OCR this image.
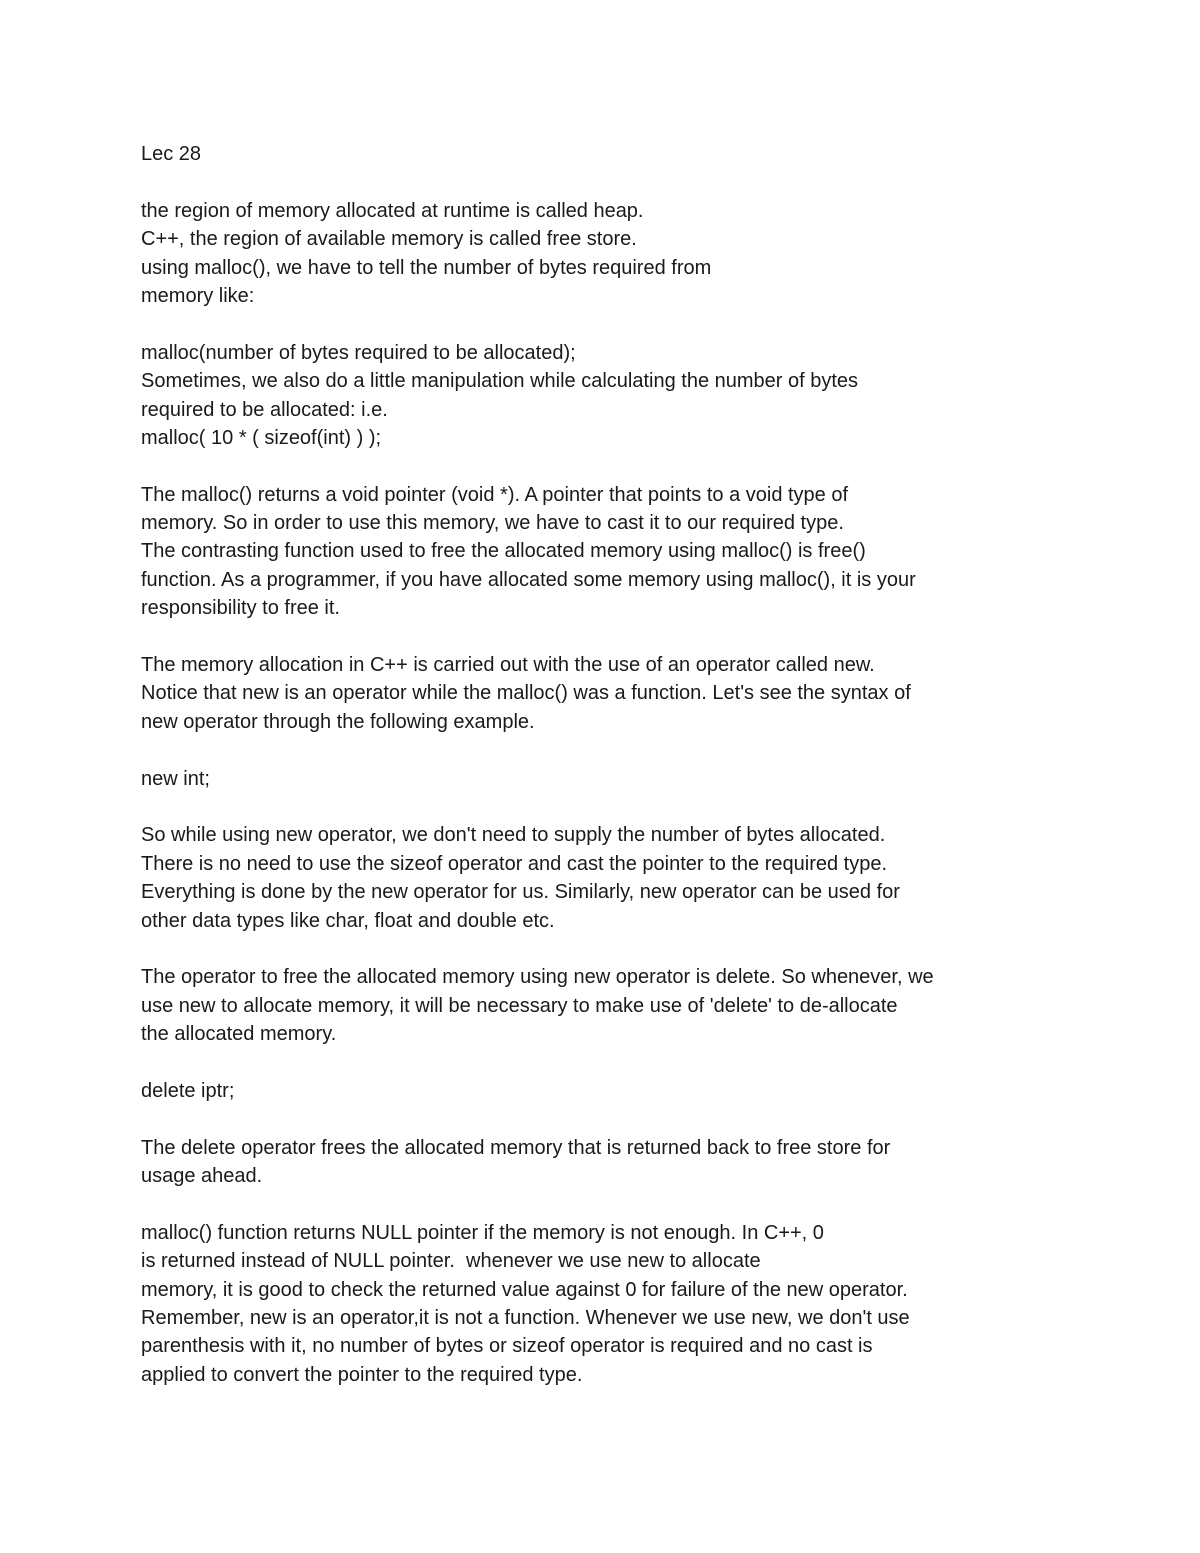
Lec 28
the region of memory allocated at runtime is called heap.
C++, the region of available memory is called free store.
using malloc(), we have to tell the number of bytes required from
memory like:
malloc(number of bytes required to be allocated);
Sometimes, we also do a little manipulation while calculating the number of bytes
required to be allocated: i.e.
malloc( 10 * ( sizeof(int) ) );
The malloc() returns a void pointer (void *). A pointer that points to a void type of
memory. So in order to use this memory, we have to cast it to our required type.
The contrasting function used to free the allocated memory using malloc() is free()
function. As a programmer, if you have allocated some memory using malloc(), it is your
responsibility to free it.
The memory allocation in C++ is carried out with the use of an operator called new.
Notice that new is an operator while the malloc() was a function. Let's see the syntax of
new operator through the following example.
new int;
So while using new operator, we don't need to supply the number of bytes allocated.
There is no need to use the sizeof operator and cast the pointer to the required type.
Everything is done by the new operator for us. Similarly, new operator can be used for
other data types like char, float and double etc.
The operator to free the allocated memory using new operator is delete. So whenever, we
use new to allocate memory, it will be necessary to make use of 'delete' to de-allocate
the allocated memory.
delete iptr;
The delete operator frees the allocated memory that is returned back to free store for
usage ahead.
malloc() function returns NULL pointer if the memory is not enough. In C++, 0
is returned instead of NULL pointer.  whenever we use new to allocate
memory, it is good to check the returned value against 0 for failure of the new operator.
Remember, new is an operator,it is not a function. Whenever we use new, we don't use
parenthesis with it, no number of bytes or sizeof operator is required and no cast is
applied to convert the pointer to the required type.
